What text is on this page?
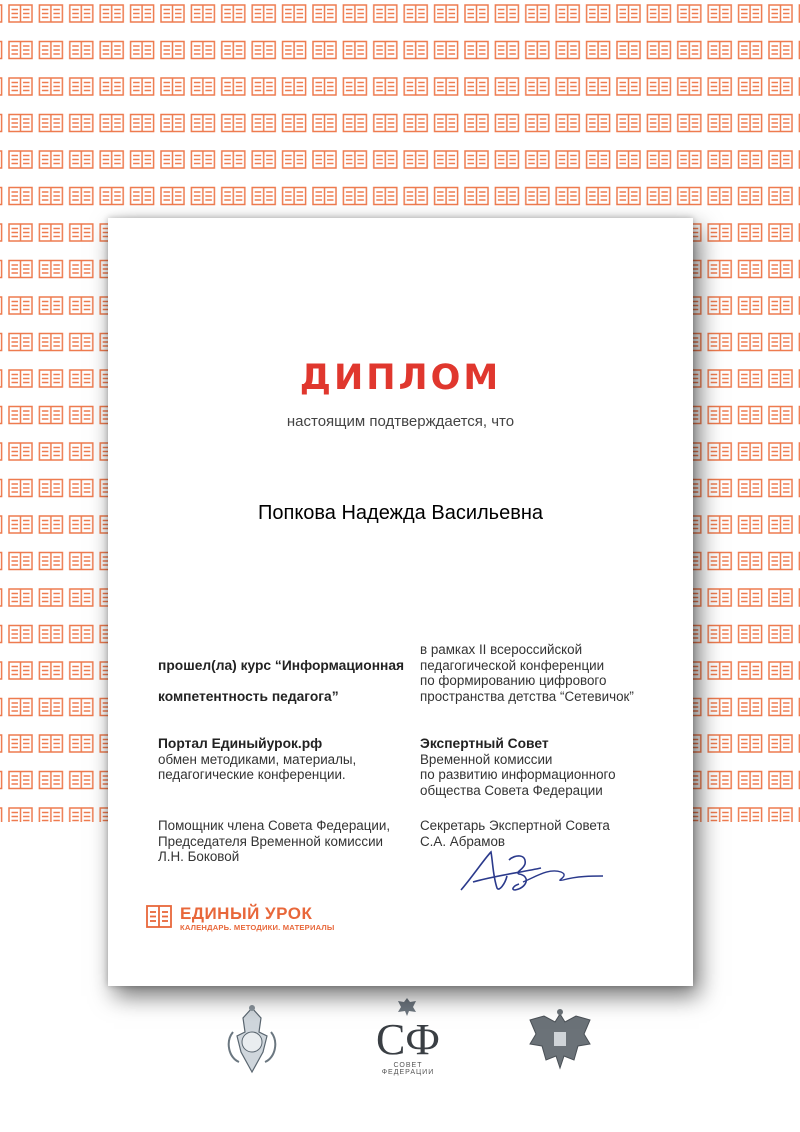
ДИПЛОМ
настоящим подтверждается, что
Попкова Надежда Васильевна

прошел(ла) курс “Информационная

компетентность педагога”

в рамках II всероссийской
педагогической конференции
по формированию цифрового
пространства детства “Сетевичок”
Портал Единыйурок.рф
обмен методиками, материалы,
педагогические конференции.
Экспертный Совет
Временной комиссии
по развитию информационного
общества Совета Федерации
Помощник члена Совета Федерации,
Председателя Временной комиссии
Л.Н. Боковой
Секретарь Экспертной Совета
С.А. Абрамов
ЕДИНЫЙ УРОК
КАЛЕНДАРЬ. МЕТОДИКИ. МАТЕРИАЛЫ
СФ
СОВЕТ ФЕДЕРАЦИИ
